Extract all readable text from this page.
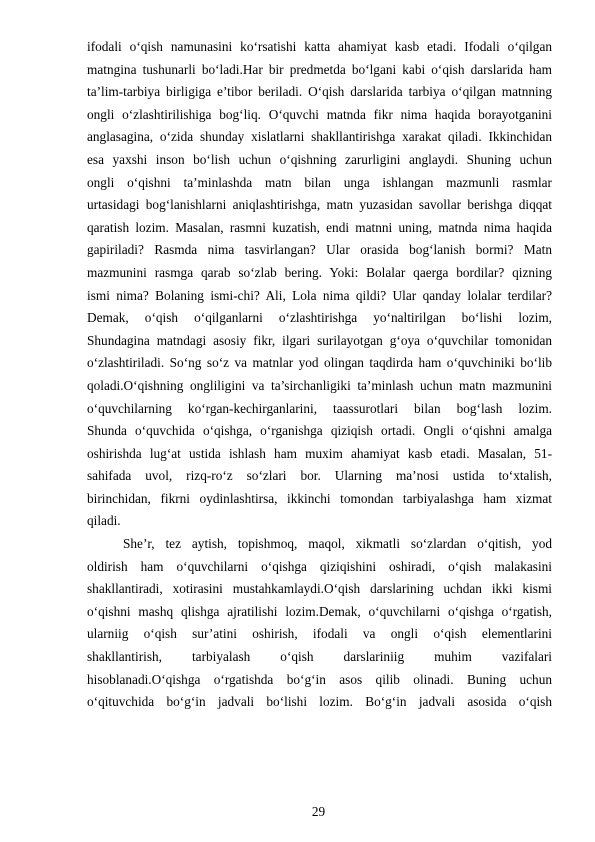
ifodali o‘qish namunasini ko‘rsatishi katta ahamiyat kasb etadi. Ifodali o‘qilgan
matngina tushunarli bo‘ladi.Har bir predmetda bo‘lgani kabi o‘qish darslarida ham
ta’lim-tarbiya birligiga e’tibor beriladi. O‘qish darslarida tarbiya o‘qilgan matnning
ongli o‘zlashtirilishiga bog‘liq. O‘quvchi matnda fikr nima haqida borayotganini
anglasagina, o‘zida shunday xislatlarni shakllantirishga xarakat qiladi. Ikkinchidan
esa yaxshi inson bo‘lish uchun o‘qishning zarurligini anglaydi. Shuning uchun
ongli o‘qishni ta’minlashda matn bilan unga ishlangan mazmunli rasmlar
urtasidagi bog‘lanishlarni aniqlashtirishga, matn yuzasidan savollar berishga diqqat
qaratish lozim. Masalan, rasmni kuzatish, endi matnni uning, matnda nima haqida
gapiriladi? Rasmda nima tasvirlangan? Ular orasida bog‘lanish bormi? Matn
mazmunini rasmga qarab so‘zlab bering. Yoki: Bolalar qaerga bordilar? qizning
ismi nima? Bolaning ismi-chi? Ali, Lola nima qildi? Ular qanday lolalar terdilar?
Demak, o‘qish o‘qilganlarni o‘zlashtirishga yo‘naltirilgan bo‘lishi lozim,
Shundagina matndagi asosiy fikr, ilgari surilayotgan g‘oya o‘quvchilar tomonidan
o‘zlashtiriladi. So‘ng so‘z va matnlar yod olingan taqdirda ham o‘quvchiniki bo‘lib
qoladi.O‘qishning ongliligini va ta’sirchanligiki ta’minlash uchun matn mazmunini
o‘quvchilarning ko‘rgan-kechirganlarini, taassurotlari bilan bog‘lash lozim.
Shunda o‘quvchida o‘qishga, o‘rganishga qiziqish ortadi. Ongli o‘qishni amalga
oshirishda lug‘at ustida ishlash ham muxim ahamiyat kasb etadi. Masalan, 51-
sahifada uvol, rizq-ro‘z so‘zlari bor. Ularning ma’nosi ustida to‘xtalish,
birinchidan, fikrni oydinlashtirsa, ikkinchi tomondan tarbiyalashga ham xizmat
qiladi.
She’r, tez aytish, topishmoq, maqol, xikmatli so‘zlardan o‘qitish, yod
oldirish ham o‘quvchilarni o‘qishga qiziqishini oshiradi, o‘qish malakasini
shakllantiradi, xotirasini mustahkamlaydi.O‘qish darslarining uchdan ikki kismi
o‘qishni mashq qlishga ajratilishi lozim.Demak, o‘quvchilarni o‘qishga o‘rgatish,
ularniig o‘qish sur’atini oshirish, ifodali va ongli o‘qish elementlarini
shakllantirish, tarbiyalash o‘qish darslariniig muhim vazifalari
hisoblanadi.O‘qishga o‘rgatishda bo‘g‘in asos qilib olinadi. Buning uchun
o‘qituvchida bo‘g‘in jadvali bo‘lishi lozim. Bo‘g‘in jadvali asosida o‘qish
29
